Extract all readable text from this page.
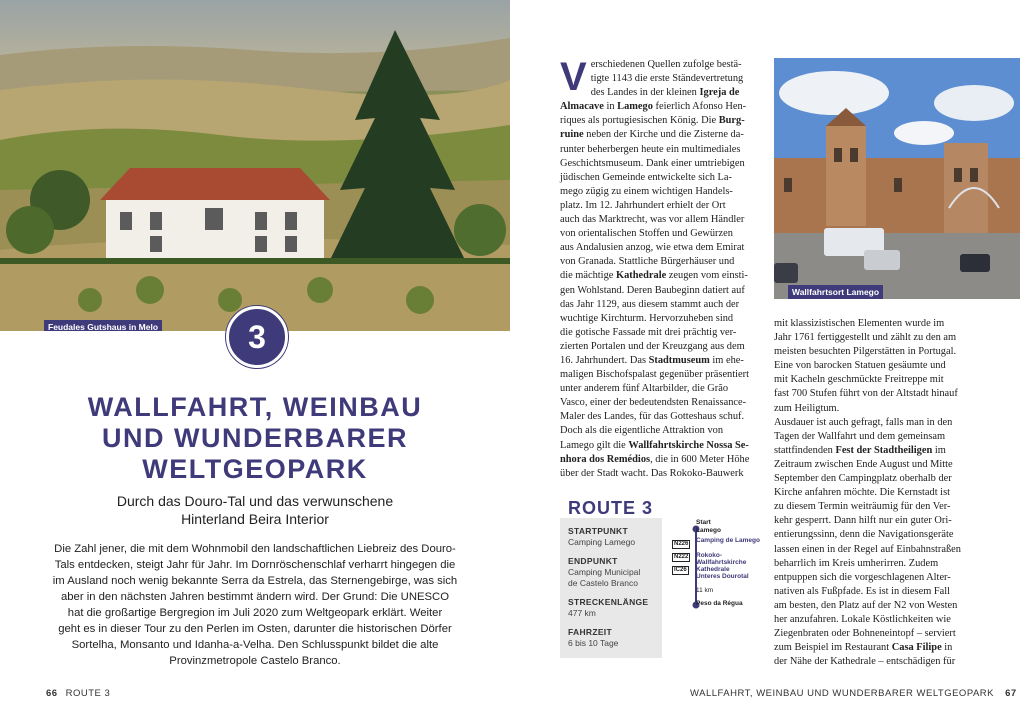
Feudales Gutshaus in Melo	3
WALLFAHRT, WEINBAU
UND WUNDERBARER
WELTGEOPARK
Durch das Douro-Tal und das verwunschene
Hinterland Beira Interior
Die Zahl jener, die mit dem Wohnmobil den landschaftlichen Liebreiz des Douro-
Tals entdecken, steigt Jahr für Jahr. Im Dornröschenschlaf verharrt hingegen die
im Ausland noch wenig bekannte Serra da Estrela, das Sternengebirge, was sich
aber in den nächsten Jahren bestimmt ändern wird. Der Grund: Die UNESCO
hat die großartige Bergregion im Juli 2020 zum Weltgeopark erklärt. Weiter
geht es in dieser Tour zu den Perlen im Osten, darunter die historischen Dörfer
Sortelha, Monsanto und Idanha-a-Velha. Den Schlusspunkt bildet die alte
Provinzmetropole Castelo Branco.
66 ROUTE 3
V erschiedenen Quellen zufolge bestä-
tigte 1143 die erste Ständevertretung
des Landes in der kleinen Igreja de
Almacave in Lamego feierlich Afonso Hen-
riques als portugiesischen König. Die Burg-
ruine neben der Kirche und die Zisterne da-
runter beherbergen heute ein multimediales
Geschichtsmuseum. Dank einer umtriebigen
jüdischen Gemeinde entwickelte sich La-
mego zügig zu einem wichtigen Handels-
platz. Im 12. Jahrhundert erhielt der Ort
auch das Marktrecht, was vor allem Händler
von orientalischen Stoffen und Gewürzen
aus Andalusien anzog, wie etwa dem Emirat
von Granada. Stattliche Bürgerhäuser und
die mächtige Kathedrale zeugen vom einsti-
gen Wohlstand. Deren Baubeginn datiert auf
das Jahr 1129, aus diesem stammt auch der
wuchtige Kirchturm. Hervorzuheben sind
die gotische Fassade mit drei prächtig ver-
zierten Portalen und der Kreuzgang aus dem
16. Jahrhundert. Das Stadtmuseum im ehe-
maligen Bischofspalast gegenüber präsentiert
unter anderem fünf Altarbilder, die Grão
Vasco, einer der bedeutendsten Renaissance-
Maler des Landes, für das Gotteshaus schuf.
Doch als die eigentliche Attraktion von
Lamego gilt die Wallfahrtskirche Nossa Se-
nhora dos Remédios, die in 600 Meter Höhe
über der Stadt wacht. Das Rokoko-Bauwerk
Wallfahrtsort Lamego
mit klassizistischen Elementen wurde im
Jahr 1761 fertiggestellt und zählt zu den am
meisten besuchten Pilgerstätten in Portugal.
Eine von barocken Statuen gesäumte und
mit Kacheln geschmückte Freitreppe mit
fast 700 Stufen führt von der Altstadt hinauf
zum Heiligtum.
Ausdauer ist auch gefragt, falls man in den
Tagen der Wallfahrt und dem gemeinsam
stattfindenden Fest der Stadtheiligen im
Zeitraum zwischen Ende August und Mitte
September den Campingplatz oberhalb der
Kirche anfahren möchte. Die Kernstadt ist
zu diesem Termin weiträumig für den Ver-
kehr gesperrt. Dann hilft nur ein guter Ori-
entierungssinn, denn die Navigationsgeräte
lassen einen in der Regel auf Einbahnstraßen
beharrlich im Kreis umherirren. Zudem
entpuppen sich die vorgeschlagenen Alter-
nativen als Fußpfade. Es ist in diesem Fall
am besten, den Platz auf der N2 von Westen
her anzufahren. Lokale Köstlichkeiten wie
Ziegenbraten oder Bohneneintopf – serviert
zum Beispiel im Restaurant Casa Filipe in
der Nähe der Kathedrale – entschädigen für
ROUTE 3
STARTPUNKT
Camping Lamego
ENDPUNKT
Camping Municipal
de Castelo Branco
STRECKENLÄNGE
477 km
FAHRZEIT
6 bis 10 Tage
Start
Lamego
Camping de Lamego
Rokoko-Wallfahrtskirche
Kathedrale
Unteres Dourotal
N226
N222
IC26
11 km
Peso da Régua
WALLFAHRT, WEINBAU UND WUNDERBARER WELTGEOPARK 67
